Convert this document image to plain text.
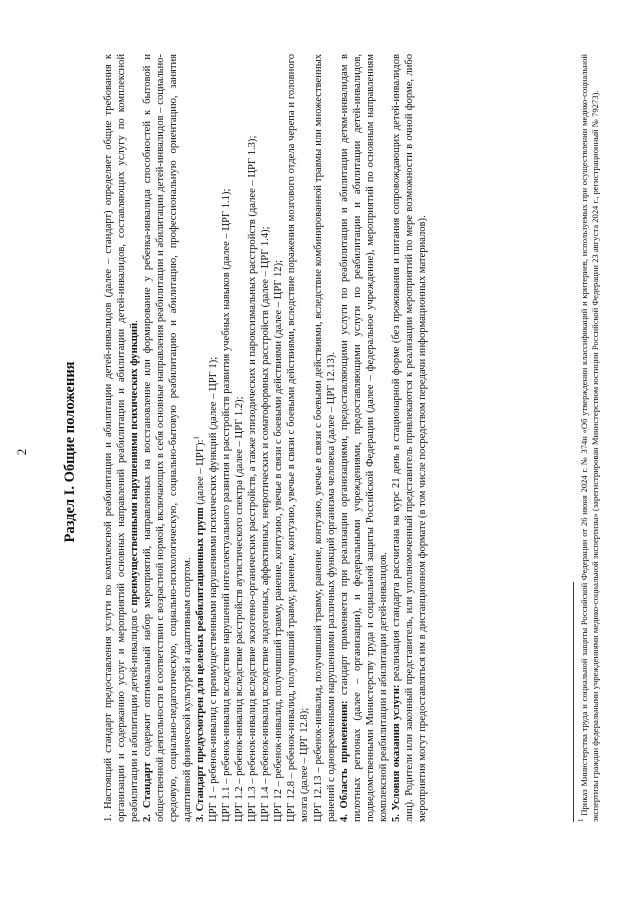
2 Раздел I. Общие положения 1. Настоящий стандарт предоставления услуги по комплексной реабилитации и абилитации детей-инвалидов (далее – стандарт) определяет общие требования к организации и содержанию услуг и мероприятий основных направлений реабилитации и абилитации детей-инвалидов, составляющих услугу по комплексной реабилитации и абилитации детей-инвалидов с преимущественными нарушениями психических функций.

2. Стандарт содержит оптимальный набор мероприятий, направленных на восстановление или формирование у ребенка-инвалида способностей к бытовой и общественной деятельности в соответствии с возрастной нормой, включающих в себя основные направления реабилитации и абилитации детей-инвалидов – социально-средовую, социально-педагогическую, социально-психологическую, социально-бытовую реабилитацию и абилитацию, профессиональную ориентацию, занятия адаптивной физической культурой и адаптивным спортом. 3. Стандарт предусмотрен для целевых реабилитационных групп (далее – ЦРГ):$^1$ ЦРГ 1 – ребенок-инвалид с преимущественными нарушениями психических функций (далее – ЦРГ 1); ЦРГ 1.1 – ребенок-инвалид вследствие нарушений интеллектуального развития и расстройств развития учебных навыков (далее – ЦРГ 1.1); ЦРГ 1.2 – ребенок-инвалид вследствие расстройств аутистического спектра (далее – ЦРГ 1.2); ЦРГ 1.3 – ребенок-инвалид вследствие экзогенно-органических расстройств, а также эпизодических и пароксизмальных расстройств (далее – ЦРГ 1.3); ЦРГ 1.4 – ребенок-инвалид вследствие эндогенных, аффективных, невротических и соматоформных расстройств (далее – ЦРГ 1.4); ЦРГ 12 – ребенок-инвалид, получивший травму, ранение, контузию, увечье в связи с боевыми действиями (далее – ЦРГ 12); ЦРГ 12.8 – ребенок-инвалид, получивший травму, ранение, контузию, увечье в связи с боевыми действиями, вследствие поражения мозгового отдела черепа и головного мозга (далее – ЦРГ 12.8); ЦРГ 12.13 – ребенок-инвалид, получивший травму, ранение, контузию, увечье в связи с боевыми действиями, вследствие комбинированной травмы или множественных ранений с одновременными нарушениями различных функций организма человека (далее – ЦРГ 12.13). 4. Область применения: стандарт применяется при реализации организациями, предоставляющими услуги по реабилитации и абилитации детям-инвалидам в пилотных регионах (далее – организации), и федеральными учреждениями, предоставляющими услуги по реабилитации и абилитации детей-инвалидов, подведомственными Министерству труда и социальной защиты Российской Федерации (далее – федеральное учреждение), мероприятий по основным направлениям комплексной реабилитации и абилитации детей-инвалидов. 5. Условия оказания услуги: реализация стандарта рассчитана на курс 21 день в стационарной форме (без проживания и питания сопровождающих детей-инвалидов лиц). Родители или законный представитель, или уполномоченный представитель привлекаются к реализации мероприятий по мере возможности в очной форме, либо мероприятия могут предоставляться им в дистанционном формате (в том числе посредством передачи информационных материалов).	$^1$ Приказ Министерства труда и социальной защиты Российской Федерации от 26 июня 2024 г. № 374н «Об утверждении классификаций и критериев, используемых при осуществлении медико-социальной экспертизы граждан федеральными учреждениями медико-социальной экспертизы» (зарегистрирован Министерством юстиции Российской Федерации 23 августа 2024 г., регистрационный № 79273).
